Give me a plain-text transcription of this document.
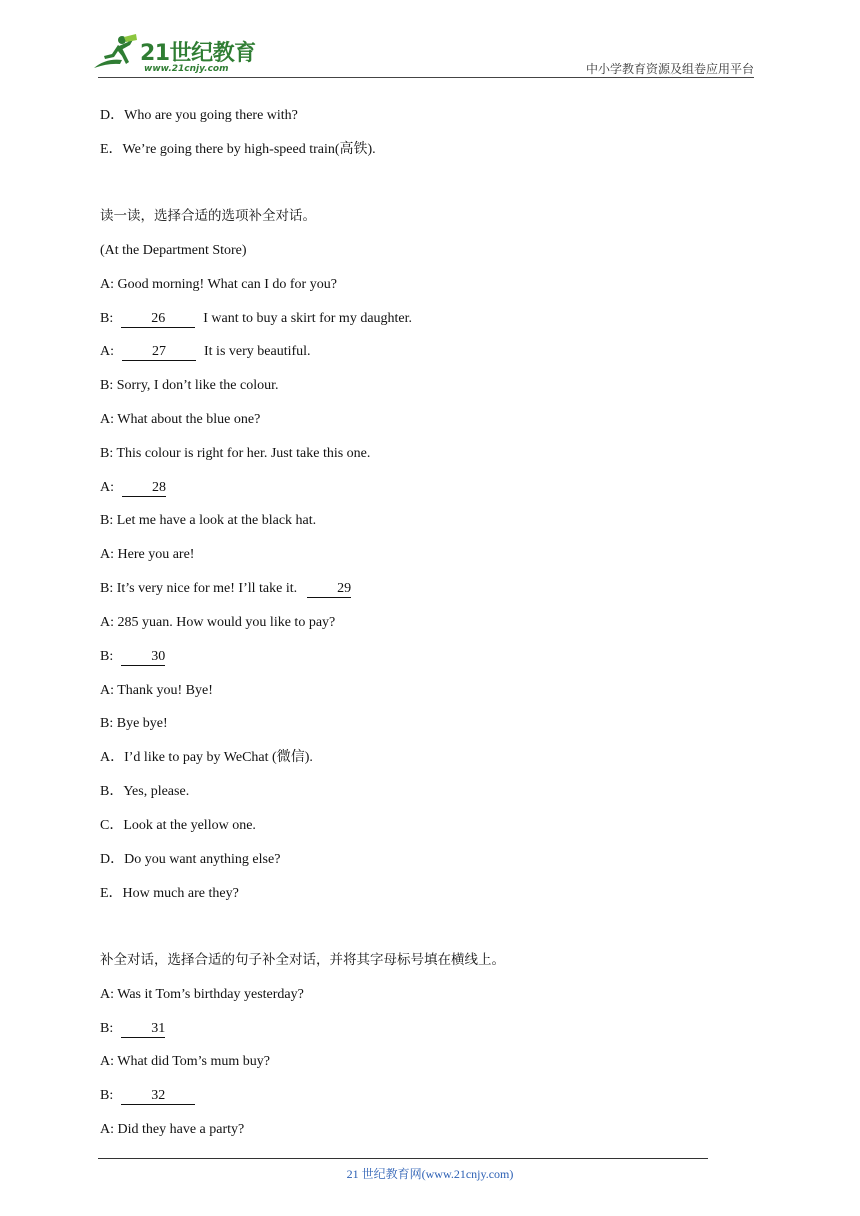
21世纪教育
www.21cnjy.com	中小学教育资源及组卷应用平台
D．Who are you going there with?
E．We’re going there by high-speed train(高铁).
读一读，选择合适的选项补全对话。
(At the Department Store)
A: Good morning! What can I do for you?
B:	26	I want to buy a skirt for my daughter.
A:	27	It is very beautiful.
B: Sorry, I don’t like the colour.
A: What about the blue one?
B: This colour is right for her. Just take this one.
A:	28
B: Let me have a look at the black hat.
A: Here you are!
B: It’s very nice for me! I’ll take it.	29
A: 285 yuan. How would you like to pay?
B:	30
A: Thank you! Bye!
B: Bye bye!
A．I’d like to pay by WeChat (微信).
B．Yes, please.
C．Look at the yellow one.
D．Do you want anything else?
E．How much are they?
补全对话，选择合适的句子补全对话，并将其字母标号填在横线上。
A: Was it Tom’s birthday yesterday?
B:	31
A: What did Tom’s mum buy?
B:	32
A: Did they have a party?
21 世纪教育网(www.21cnjy.com)
